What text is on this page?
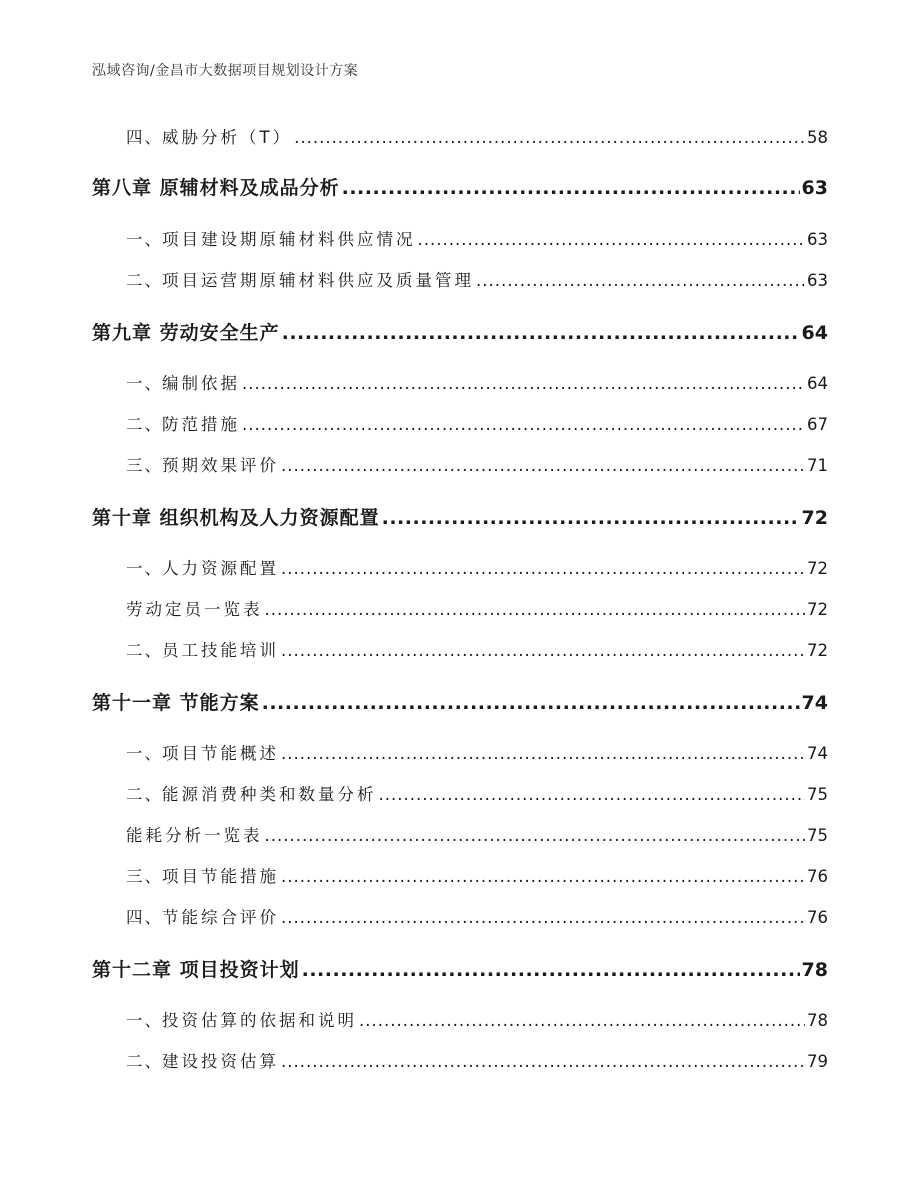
泓域咨询/金昌市大数据项目规划设计方案
四、威胁分析（T） .....	58
第八章 原辅材料及成品分析 .....	63
一、项目建设期原辅材料供应情况 .....	63
二、项目运营期原辅材料供应及质量管理 .....	63
第九章 劳动安全生产 .....	64
一、编制依据 .....	64
二、防范措施 .....	67
三、预期效果评价 .....	71
第十章 组织机构及人力资源配置 .....	72
一、人力资源配置 .....	72
劳动定员一览表 .....	72
二、员工技能培训 .....	72
第十一章 节能方案 .....	74
一、项目节能概述 .....	74
二、能源消费种类和数量分析 .....	75
能耗分析一览表 .....	75
三、项目节能措施 .....	76
四、节能综合评价 .....	76
第十二章 项目投资计划 .....	78
一、投资估算的依据和说明 .....	78
二、建设投资估算 .....	79
